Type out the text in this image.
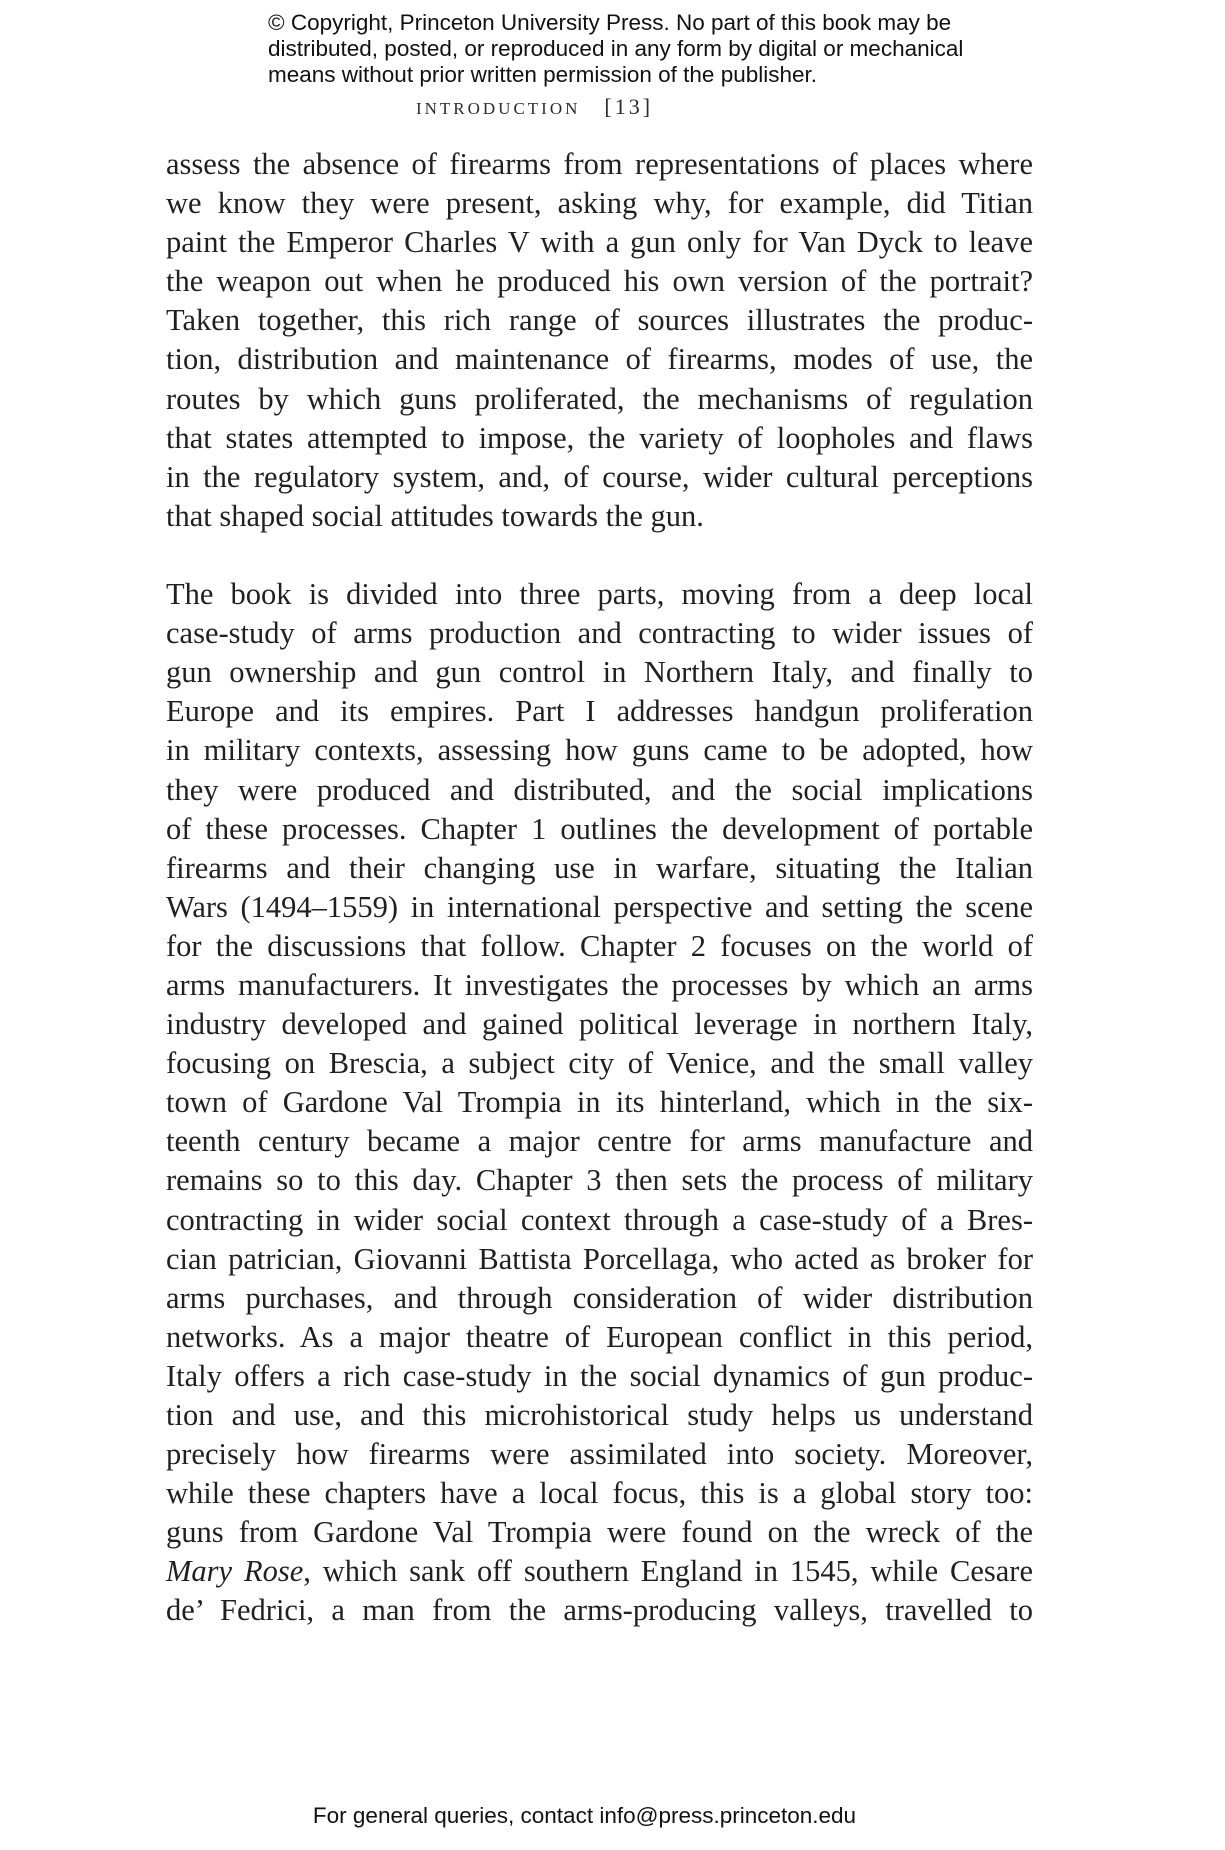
© Copyright, Princeton University Press. No part of this book may be
distributed, posted, or reproduced in any form by digital or mechanical
means without prior written permission of the publisher.
INTRODUCTION [13]
assess the absence of firearms from representations of places where
we know they were present, asking why, for example, did Titian
paint the Emperor Charles V with a gun only for Van Dyck to leave
the weapon out when he produced his own version of the portrait?
Taken together, this rich range of sources illustrates the produc-
tion, distribution and maintenance of firearms, modes of use, the
routes by which guns proliferated, the mechanisms of regulation
that states attempted to impose, the variety of loopholes and flaws
in the regulatory system, and, of course, wider cultural perceptions
that shaped social attitudes towards the gun.
The book is divided into three parts, moving from a deep local
case-study of arms production and contracting to wider issues of
gun ownership and gun control in Northern Italy, and finally to
Europe and its empires. Part I addresses handgun proliferation
in military contexts, assessing how guns came to be adopted, how
they were produced and distributed, and the social implications
of these processes. Chapter 1 outlines the development of portable
firearms and their changing use in warfare, situating the Italian
Wars (1494–1559) in international perspective and setting the scene
for the discussions that follow. Chapter 2 focuses on the world of
arms manufacturers. It investigates the processes by which an arms
industry developed and gained political leverage in northern Italy,
focusing on Brescia, a subject city of Venice, and the small valley
town of Gardone Val Trompia in its hinterland, which in the six-
teenth century became a major centre for arms manufacture and
remains so to this day. Chapter 3 then sets the process of military
contracting in wider social context through a case-study of a Bres-
cian patrician, Giovanni Battista Porcellaga, who acted as broker for
arms purchases, and through consideration of wider distribution
networks. As a major theatre of European conflict in this period,
Italy offers a rich case-study in the social dynamics of gun produc-
tion and use, and this microhistorical study helps us understand
precisely how firearms were assimilated into society. Moreover,
while these chapters have a local focus, this is a global story too:
guns from Gardone Val Trompia were found on the wreck of the
Mary Rose, which sank off southern England in 1545, while Cesare
de’ Fedrici, a man from the arms-producing valleys, travelled to
For general queries, contact info@press.princeton.edu
